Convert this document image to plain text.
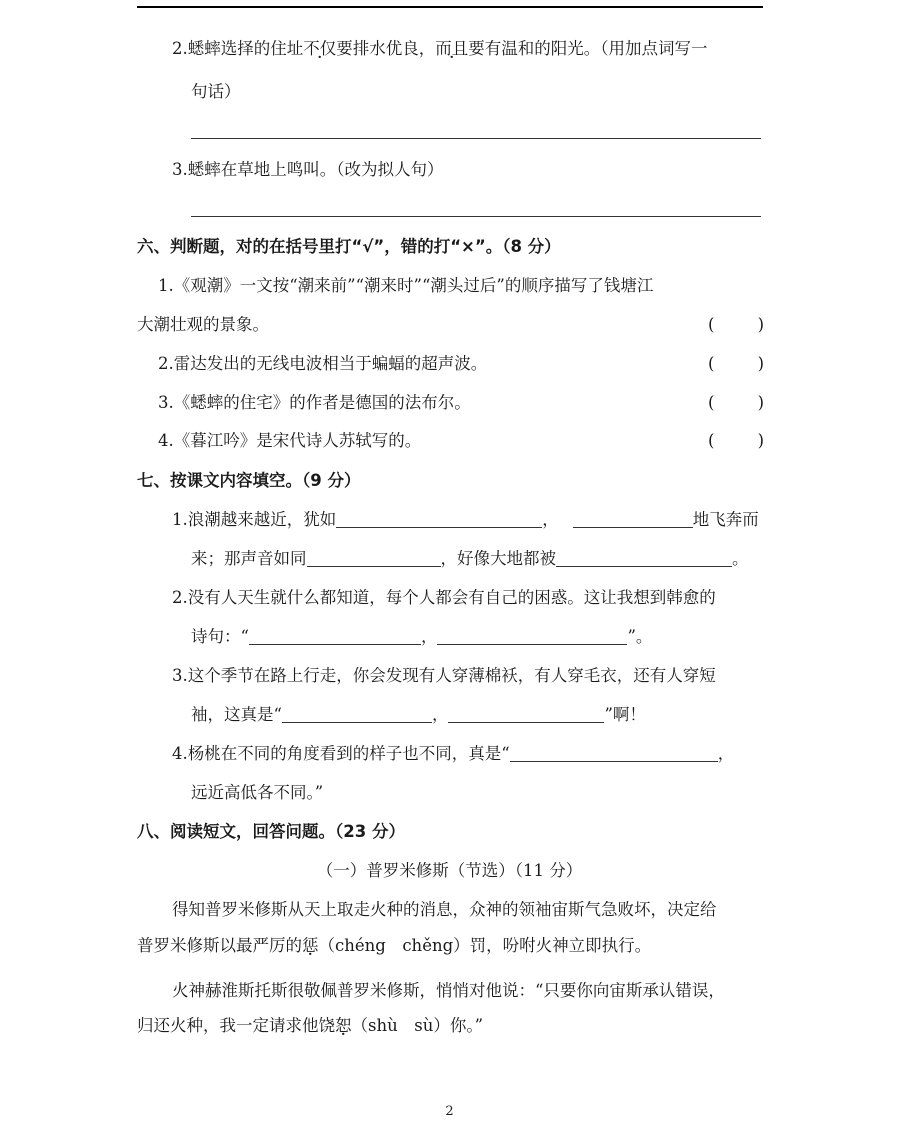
2.蟋蟀选择的住址不仅要排水优良，而且要有温和的阳光。（用加点词写一
句话）
3.蟋蟀在草地上鸣叫。（改为拟人句）
六、判断题，对的在括号里打“√”，错的打“×”。（8 分）
1.《观潮》一文按“潮来前”“潮来时”“潮头过后”的顺序描写了钱塘江
大潮壮观的景象。	(	)
2.雷达发出的无线电波相当于蝙蝠的超声波。	(	)
3.《蟋蟀的住宅》的作者是德国的法布尔。	(	)
4.《暮江吟》是宋代诗人苏轼写的。	(	)
七、按课文内容填空。（9 分）
1.浪潮越来越近，犹如	，	地飞奔而
来；那声音如同	，好像大地都被	。
2.没有人天生就什么都知道，每个人都会有自己的困惑。这让我想到韩愈的
诗句：“	，	”。
3.这个季节在路上行走，你会发现有人穿薄棉袄，有人穿毛衣，还有人穿短
袖，这真是“	，	”啊！
4.杨桃在不同的角度看到的样子也不同，真是“	，
远近高低各不同。”
八、阅读短文，回答问题。（23 分）
（一）普罗米修斯（节选）（11 分）
得知普罗米修斯从天上取走火种的消息，众神的领袖宙斯气急败坏，决定给
普罗米修斯以最严厉的惩（chéng　chěng）罚，吩咐火神立即执行。
火神赫淮斯托斯很敬佩普罗米修斯，悄悄对他说：“只要你向宙斯承认错误，
归还火种，我一定请求他饶恕（shù　sù）你。”
2
